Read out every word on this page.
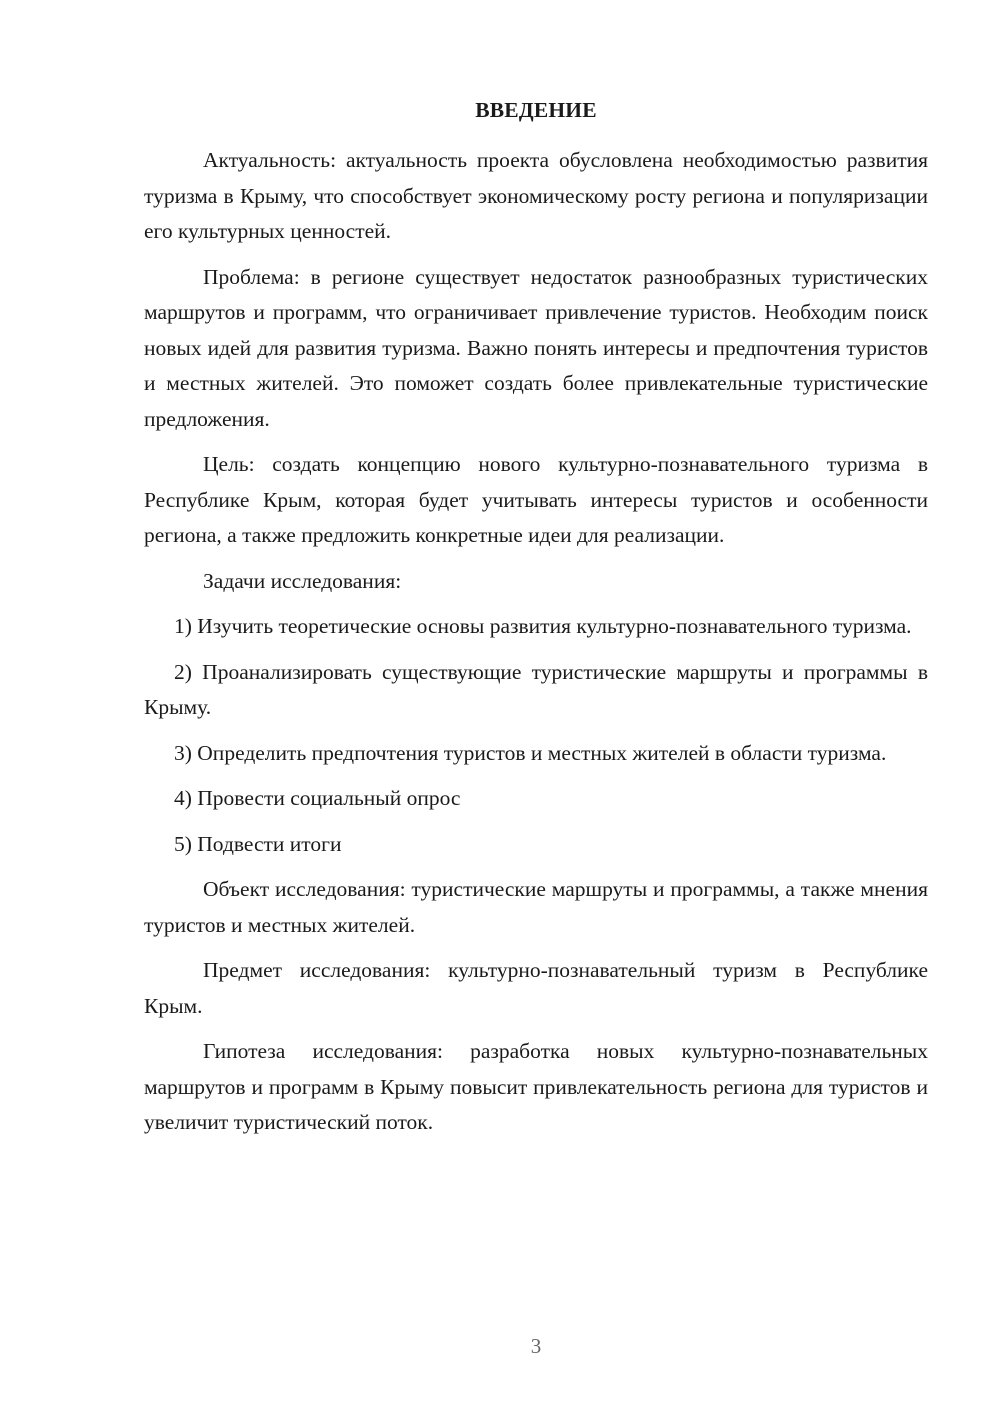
ВВЕДЕНИЕ

Актуальность: актуальность проекта обусловлена необходимостью развития туризма в Крыму, что способствует экономическому росту региона и популяризации его культурных ценностей.

Проблема: в регионе существует недостаток разнообразных туристических маршрутов и программ, что ограничивает привлечение туристов. Необходим поиск новых идей для развития туризма. Важно понять интересы и предпочтения туристов и местных жителей. Это поможет создать более привлекательные туристические предложения.

Цель: создать концепцию нового культурно-познавательного туризма в Республике Крым, которая будет учитывать интересы туристов и особенности региона, а также предложить конкретные идеи для реализации.

Задачи исследования:

1) Изучить теоретические основы развития культурно-познавательного туризма.

2) Проанализировать существующие туристические маршруты и программы в Крыму.

3) Определить предпочтения туристов и местных жителей в области туризма.

4) Провести социальный опрос

5) Подвести итоги

Объект исследования: туристические маршруты и программы, а также мнения туристов и местных жителей.

Предмет исследования: культурно-познавательный туризм в Республике Крым.

Гипотеза исследования: разработка новых культурно-познавательных маршрутов и программ в Крыму повысит привлекательность региона для туристов и увеличит туристический поток.

3
